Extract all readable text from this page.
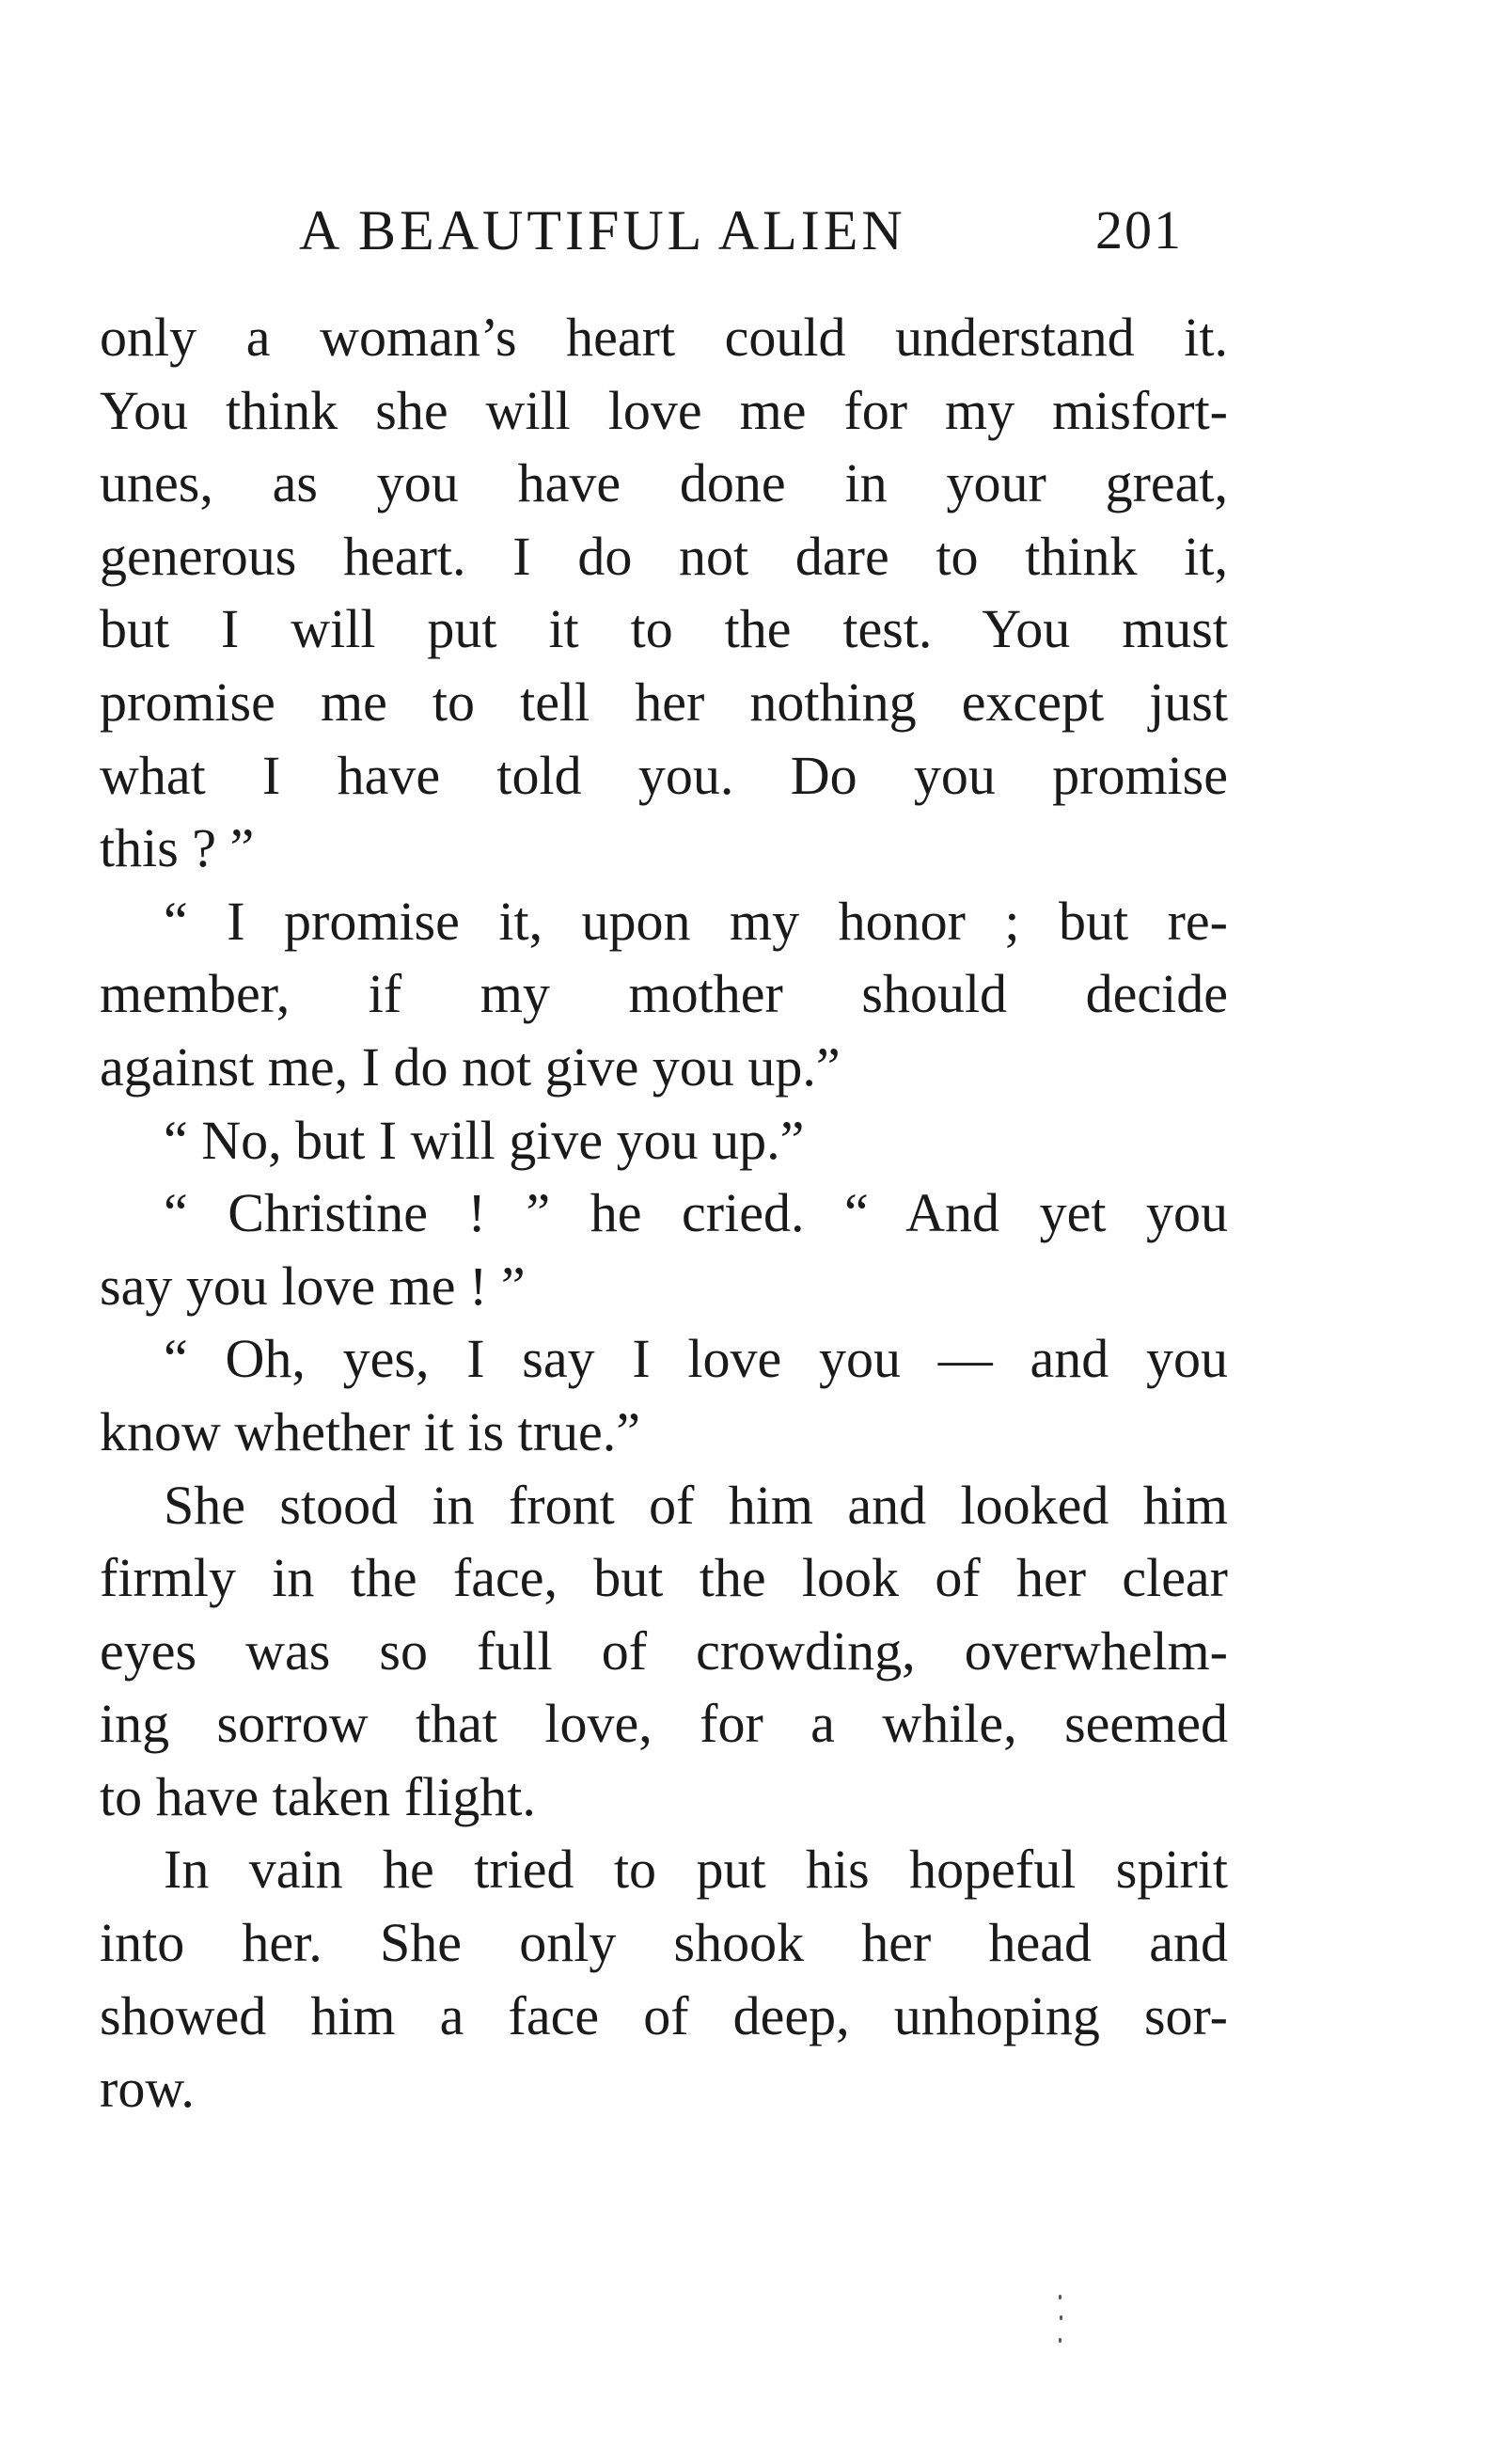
A BEAUTIFUL ALIEN	201
only a woman’s heart could understand it.
You think she will love me for my misfort-
unes, as you have done in your great,
generous heart. I do not dare to think it,
but I will put it to the test. You must
promise me to tell her nothing except just
what I have told you. Do you promise
this ? ”
“ I promise it, upon my honor ; but re-
member, if my mother should decide
against me, I do not give you up.”
“ No, but I will give you up.”
“ Christine ! ” he cried. “ And yet you
say you love me ! ”
“ Oh, yes, I say I love you — and you
know whether it is true.”
She stood in front of him and looked him
firmly in the face, but the look of her clear
eyes was so full of crowding, overwhelm-
ing sorrow that love, for a while, seemed
to have taken flight.
In vain he tried to put his hopeful spirit
into her. She only shook her head and
showed him a face of deep, unhoping sor-
row.
